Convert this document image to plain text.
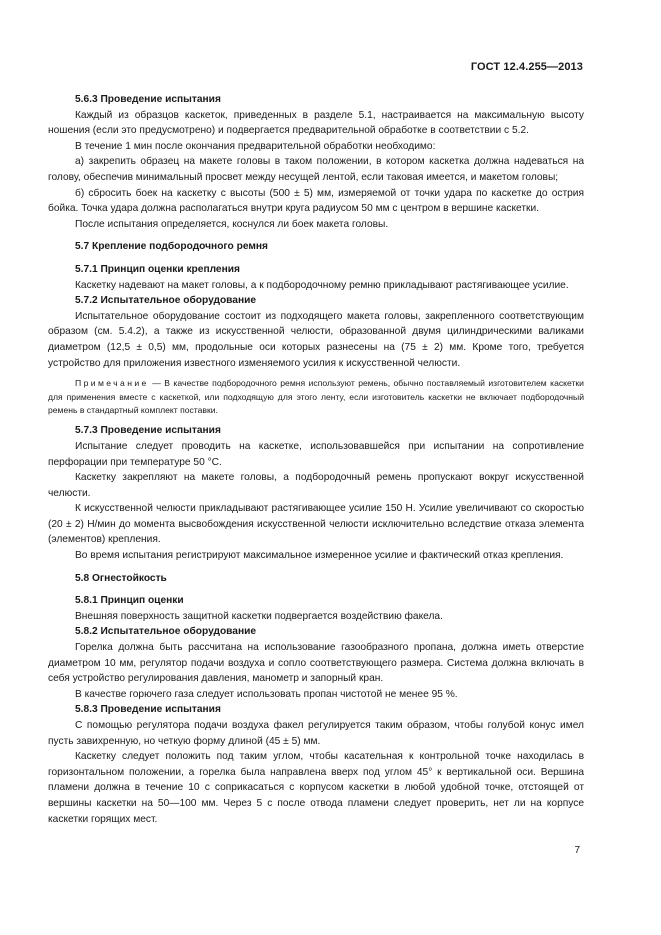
ГОСТ 12.4.255—2013

5.6.3 Проведение испытания

Каждый из образцов каскеток, приведенных в разделе 5.1, настраивается на максимальную высоту ношения (если это предусмотрено) и подвергается предварительной обработке в соответствии с 5.2.

В течение 1 мин после окончания предварительной обработки необходимо:

а) закрепить образец на макете головы в таком положении, в котором каскетка должна надеваться на голову, обеспечив минимальный просвет между несущей лентой, если таковая имеется, и макетом головы;

б) сбросить боек на каскетку с высоты (500 ± 5) мм, измеряемой от точки удара по каскетке до острия бойка. Точка удара должна располагаться внутри круга радиусом 50 мм с центром в вершине каскетки.

После испытания определяется, коснулся ли боек макета головы.

5.7 Крепление подбородочного ремня

5.7.1 Принцип оценки крепления

Каскетку надевают на макет головы, а к подбородочному ремню прикладывают растягивающее усилие.

5.7.2 Испытательное оборудование

Испытательное оборудование состоит из подходящего макета головы, закрепленного соответствующим образом (см. 5.4.2), а также из искусственной челюсти, образованной двумя цилиндрическими валиками диаметром (12,5 ± 0,5) мм, продольные оси которых разнесены на (75 ± 2) мм. Кроме того, требуется устройство для приложения известного изменяемого усилия к искусственной челюсти.

Примечание — В качестве подбородочного ремня используют ремень, обычно поставляемый изготовителем каскетки для применения вместе с каскеткой, или подходящую для этого ленту, если изготовитель каскетки не включает подбородочный ремень в стандартный комплект поставки.

5.7.3 Проведение испытания

Испытание следует проводить на каскетке, использовавшейся при испытании на сопротивление перфорации при температуре 50 °С.

Каскетку закрепляют на макете головы, а подбородочный ремень пропускают вокруг искусственной челюсти.

К искусственной челюсти прикладывают растягивающее усилие 150 Н. Усилие увеличивают со скоростью (20 ± 2) Н/мин до момента высвобождения искусственной челюсти исключительно вследствие отказа элемента (элементов) крепления.

Во время испытания регистрируют максимальное измеренное усилие и фактический отказ крепления.

5.8 Огнестойкость

5.8.1 Принцип оценки

Внешняя поверхность защитной каскетки подвергается воздействию факела.

5.8.2 Испытательное оборудование

Горелка должна быть рассчитана на использование газообразного пропана, должна иметь отверстие диаметром 10 мм, регулятор подачи воздуха и сопло соответствующего размера. Система должна включать в себя устройство регулирования давления, манометр и запорный кран.

В качестве горючего газа следует использовать пропан чистотой не менее 95 %.

5.8.3 Проведение испытания

С помощью регулятора подачи воздуха факел регулируется таким образом, чтобы голубой конус имел пусть завихренную, но четкую форму длиной (45 ± 5) мм.

Каскетку следует положить под таким углом, чтобы касательная к контрольной точке находилась в горизонтальном положении, а горелка была направлена вверх под углом 45° к вертикальной оси. Вершина пламени должна в течение 10 с соприкасаться с корпусом каскетки в любой удобной точке, отстоящей от вершины каскетки на 50—100 мм. Через 5 с после отвода пламени следует проверить, нет ли на корпусе каскетки горящих мест.

7
